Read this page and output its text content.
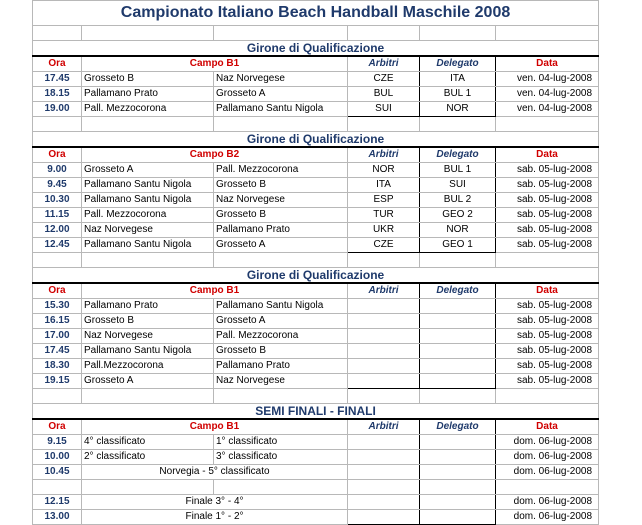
Campionato Italiano Beach Handball Maschile 2008					

Girone di Qualificazione					
Ora	Campo B1		Arbitri	Delegato	Data
17.45	Grosseto B	Naz Norvegese	CZE	ITA	ven. 04-lug-2008
18.15	Pallamano Prato	Grosseto A	BUL	BUL 1	ven. 04-lug-2008
19.00	Pall. Mezzocorona	Pallamano Santu Nigola	SUI	NOR	ven. 04-lug-2008

Girone di Qualificazione					
Ora	Campo B2		Arbitri	Delegato	Data
9.00	Grosseto A	Pall. Mezzocorona	NOR	BUL 1	sab. 05-lug-2008
9.45	Pallamano Santu Nigola	Grosseto B	ITA	SUI	sab. 05-lug-2008
10.30	Pallamano Santu Nigola	Naz Norvegese	ESP	BUL 2	sab. 05-lug-2008
11.15	Pall. Mezzocorona	Grosseto B	TUR	GEO 2	sab. 05-lug-2008
12.00	Naz Norvegese	Pallamano Prato	UKR	NOR	sab. 05-lug-2008
12.45	Pallamano Santu Nigola	Grosseto A	CZE	GEO 1	sab. 05-lug-2008

Girone di Qualificazione					
Ora	Campo B1		Arbitri	Delegato	Data
15.30	Pallamano Prato	Pallamano Santu Nigola			sab. 05-lug-2008
16.15	Grosseto B	Grosseto A			sab. 05-lug-2008
17.00	Naz Norvegese	Pall. Mezzocorona			sab. 05-lug-2008
17.45	Pallamano Santu Nigola	Grosseto B			sab. 05-lug-2008
18.30	Pall.Mezzocorona	Pallamano Prato			sab. 05-lug-2008
19.15	Grosseto A	Naz Norvegese			sab. 05-lug-2008

SEMI FINALI - FINALI					
Ora	Campo B1		Arbitri	Delegato	Data
9.15	4° classificato	1° classificato			dom. 06-lug-2008
10.00	2° classificato	3° classificato			dom. 06-lug-2008
10.45	Norvegia - 5° classificato				dom. 06-lug-2008

12.15	Finale 3° - 4°				dom. 06-lug-2008
13.00	Finale 1° - 2°				dom. 06-lug-2008
